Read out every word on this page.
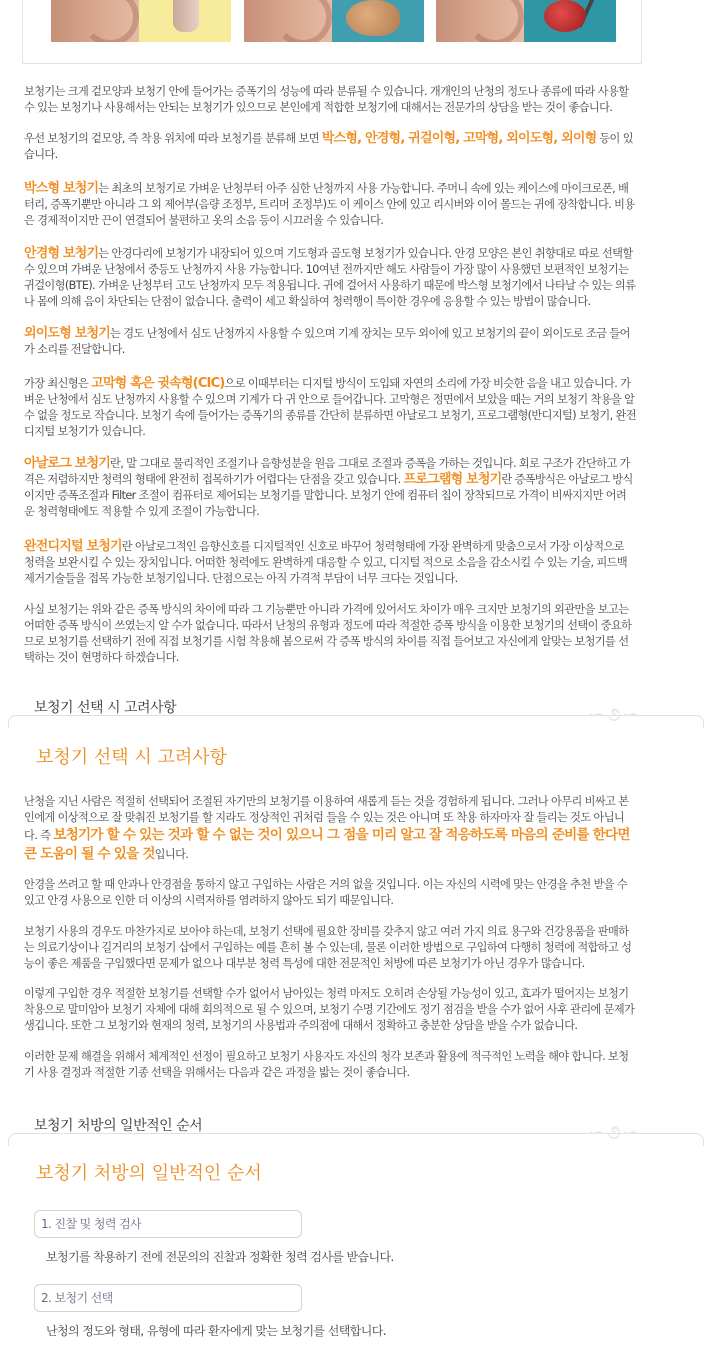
보청기는 크게 겉모양과 보청기 안에 들어가는 증폭기의 성능에 따라 분류될 수 있습니다. 개개인의 난청의 정도나 종류에 따라 사용할 수 있는 보청기나 사용해서는 안되는 보청기가 있으므로 본인에게 적합한 보청기에 대해서는 전문가의 상담을 받는 것이 좋습니다.

우선 보청기의 겉모양, 즉 착용 위치에 따라 보청기를 분류해 보면 박스형, 안경형, 귀걸이형, 고막형, 외이도형, 외이형 등이 있습니다.

박스형 보청기는 최초의 보청기로 가벼운 난청부터 아주 심한 난청까지 사용 가능합니다. 주머니 속에 있는 케이스에 마이크로폰, 배터리, 증폭기뿐만 아니라 그 외 제어부(음량 조정부, 트리머 조정부)도 이 케이스 안에 있고 리시버와 이어 몰드는 귀에 장착합니다. 비용은 경제적이지만 끈이 연결되어 불편하고 옷의 소음 등이 시끄러울 수 있습니다.

안경형 보청기는 안경다리에 보청기가 내장되어 있으며 기도형과 골도형 보청기가 있습니다. 안경 모양은 본인 취향대로 따로 선택할 수 있으며 가벼운 난청에서 중등도 난청까지 사용 가능합니다. 10여년 전까지만 해도 사람들이 가장 많이 사용했던 보편적인 보청기는 귀걸이형(BTE). 가벼운 난청부터 고도 난청까지 모두 적용됩니다. 귀에 걸어서 사용하기 때문에 박스형 보청기에서 나타날 수 있는 의류나 몸에 의해 음이 차단되는 단점이 없습니다. 출력이 세고 확실하여 청력행이 특이한 경우에 응용할 수 있는 방법이 많습니다.

외이도형 보청기는 경도 난청에서 심도 난청까지 사용할 수 있으며 기계 장치는 모두 외이에 있고 보청기의 끝이 외이도로 조금 들어가 소리를 전달합니다.

가장 최신형은 고막형 혹은 귓속형(CIC)으로 이때부터는 디지털 방식이 도입돼 자연의 소리에 가장 비슷한 음을 내고 있습니다. 가벼운 난청에서 심도 난청까지 사용할 수 있으며 기계가 다 귀 안으로 들어갑니다. 고막형은 정면에서 보았을 때는 거의 보청기 착용을 알 수 없을 정도로 작습니다. 보청기 속에 들어가는 증폭기의 종류를 간단히 분류하면 아날로그 보청기, 프로그램형(반디지털) 보청기, 완전디지털 보청기가 있습니다.

아날로그 보청기란, 말 그대로 물리적인 조절기나 음향성분을 원음 그대로 조절과 증폭을 가하는 것입니다. 회로 구조가 간단하고 가격은 저렴하지만 청력의 형태에 완전히 접목하기가 어렵다는 단점을 갖고 있습니다. 프로그램형 보청기란 증폭방식은 아날로그 방식이지만 증폭조절과 Filter 조절이 컴퓨터로 제어되는 보청기를 말합니다. 보청기 안에 컴퓨터 칩이 장착되므로 가격이 비싸지지만 어려운 청력형태에도 적용할 수 있게 조절이 가능합니다.

완전디지털 보청기란 아날로그적인 음향신호를 디지털적인 신호로 바꾸어 청력형태에 가장 완벽하게 맞춤으로서 가장 이상적으로 청력을 보완시킬 수 있는 장치입니다. 어떠한 청력에도 완벽하게 대응할 수 있고, 디지털 적으로 소음을 감소시킬 수 있는 기술, 피드백 제거기술들을 접목 가능한 보청기입니다. 단점으로는 아직 가격적 부담이 너무 크다는 것입니다.

사실 보청기는 위와 같은 증폭 방식의 차이에 따라 그 기능뿐만 아니라 가격에 있어서도 차이가 매우 크지만 보청기의 외관만을 보고는 어떠한 증폭 방식이 쓰였는지 알 수가 없습니다. 따라서 난청의 유형과 정도에 따라 적절한 증폭 방식을 이용한 보청기의 선택이 중요하므로 보청기를 선택하기 전에 직접 보청기를 시험 착용해 봄으로써 각 증폭 방식의 차이를 직접 들어보고 자신에게 알맞는 보청기를 선택하는 것이 현명하다 하겠습니다.

보청기 선택 시 고려사항	∽૭∽
보청기 선택 시 고려사항

난청을 지닌 사람은 적절히 선택되어 조절된 자기만의 보청기를 이용하여 새롭게 듣는 것을 경험하게 됩니다. 그러나 아무리 비싸고 본인에게 이상적으로 잘 맞춰진 보청기를 할 지라도 정상적인 귀처럼 들을 수 있는 것은 아니며 또 착용 하자마자 잘 들리는 것도 아닙니다. 즉 보청기가 할 수 있는 것과 할 수 없는 것이 있으니 그 점을 미리 알고 잘 적응하도록 마음의 준비를 한다면 큰 도움이 될 수 있을 것입니다.

안경을 쓰려고 할 때 안과나 안경점을 통하지 않고 구입하는 사람은 거의 없을 것입니다. 이는 자신의 시력에 맞는 안경을 추천 받을 수 있고 안경 사용으로 인한 더 이상의 시력저하를 염려하지 않아도 되기 때문입니다.

보청기 사용의 경우도 마찬가지로 보아야 하는데, 보청기 선택에 필요한 장비를 갖추지 않고 여러 가지 의료 용구와 건강용품을 판매하는 의료기상이나 길거리의 보청기 삽에서 구입하는 예를 흔히 볼 수 있는데, 물론 이러한 방법으로 구입하여 다행히 청력에 적합하고 성능이 좋은 제품을 구입했다면 문제가 없으나 대부분 청력 특성에 대한 전문적인 처방에 따른 보청기가 아닌 경우가 많습니다.

이렇게 구입한 경우 적절한 보청기를 선택할 수가 없어서 남아있는 청력 마저도 오히려 손상될 가능성이 있고, 효과가 떨어지는 보청기 착용으로 말미암아 보청기 자체에 대해 회의적으로 될 수 있으며, 보청기 수명 기간에도 정기 점검을 받을 수가 없어 사후 관리에 문제가 생깁니다. 또한 그 보청기와 현재의 청력, 보청기의 사용법과 주의점에 대해서 정확하고 충분한 상담을 받을 수가 없습니다.

이러한 문제 해결을 위해서 체계적인 선정이 필요하고 보청기 사용자도 자신의 청각 보존과 활용에 적극적인 노력을 해야 합니다. 보청기 사용 결정과 적절한 기종 선택을 위해서는 다음과 같은 과정을 밟는 것이 좋습니다.

보청기 처방의 일반적인 순서	∽૭∽
보청기 처방의 일반적인 순서
1. 진찰 및 청력 검사
보청기를 착용하기 전에 전문의의 진찰과 정확한 청력 검사를 받습니다.
2. 보청기 선택
난청의 정도와 형태, 유형에 따라 환자에게 맞는 보청기를 선택합니다.
